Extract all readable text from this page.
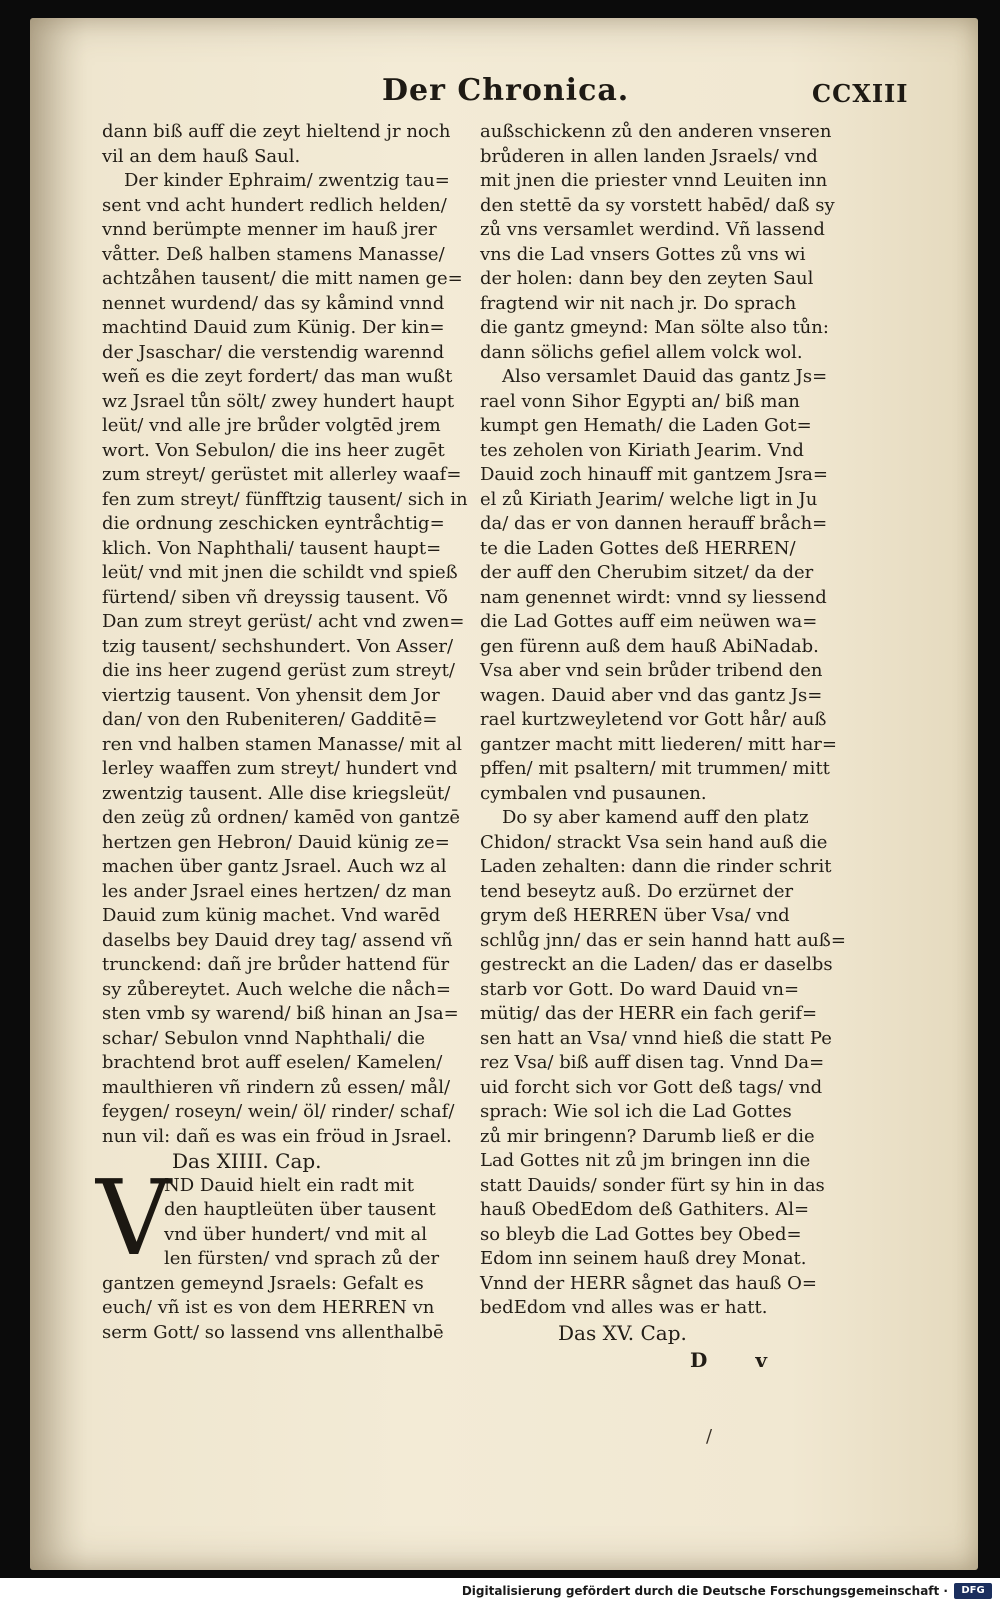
Der Chronica.	CCXIII
dann biß auff die zeyt hieltend jr noch
vil an dem hauß Saul.
Der kinder Ephraim/ zwentzig tau=
sent vnd acht hundert redlich helden/
vnnd berümpte menner im hauß jrer
våtter. Deß halben stamens Manasse/
achtzåhen tausent/ die mitt namen ge=
nennet wurdend/ das sy kåmind vnnd
machtind Dauid zum Künig. Der kin=
der Jsaschar/ die verstendig warennd
weñ es die zeyt fordert/ das man wußt
wz Jsrael tůn sölt/ zwey hundert haupt
leüt/ vnd alle jre brůder volgtēd jrem
wort. Von Sebulon/ die ins heer zugēt
zum streyt/ gerüstet mit allerley waaf=
fen zum streyt/ fünfftzig tausent/ sich in
die ordnung zeschicken eyntråchtig=
klich. Von Naphthali/ tausent haupt=
leüt/ vnd mit jnen die schildt vnd spieß
fürtend/ siben vñ dreyssig tausent. Võ
Dan zum streyt gerüst/ acht vnd zwen=
tzig tausent/ sechshundert. Von Asser/
die ins heer zugend gerüst zum streyt/
viertzig tausent. Von yhensit dem Jor
dan/ von den Rubeniteren/ Gadditē=
ren vnd halben stamen Manasse/ mit al
lerley waaffen zum streyt/ hundert vnd
zwentzig tausent. Alle dise kriegsleüt/
den zeüg zů ordnen/ kamēd von gantzē
hertzen gen Hebron/ Dauid künig ze=
machen über gantz Jsrael. Auch wz al
les ander Jsrael eines hertzen/ dz man
Dauid zum künig machet. Vnd warēd
daselbs bey Dauid drey tag/ assend vñ
trunckend: dañ jre brůder hattend für
sy zůbereytet. Auch welche die nåch=
sten vmb sy warend/ biß hinan an Jsa=
schar/ Sebulon vnnd Naphthali/ die
brachtend brot auff eselen/ Kamelen/
maulthieren vñ rindern zů essen/ mål/
feygen/ roseyn/ wein/ öl/ rinder/ schaf/
nun vil: dañ es was ein fröud in Jsrael.
Das XIIII. Cap.
V
ND Dauid hielt ein radt mit
den hauptleüten über tausent
vnd über hundert/ vnd mit al
len fürsten/ vnd sprach zů der
gantzen gemeynd Jsraels: Gefalt es
euch/ vñ ist es von dem HERREN vn
serm Gott/ so lassend vns allenthalbē
außschickenn zů den anderen vnseren
brůderen in allen landen Jsraels/ vnd
mit jnen die priester vnnd Leuiten inn
den stettē da sy vorstett habēd/ daß sy
zů vns versamlet werdind. Vñ lassend
vns die Lad vnsers Gottes zů vns wi
der holen: dann bey den zeyten Saul
fragtend wir nit nach jr. Do sprach
die gantz gmeynd: Man sölte also tůn:
dann sölichs gefiel allem volck wol.
Also versamlet Dauid das gantz Js=
rael vonn Sihor Egypti an/ biß man
kumpt gen Hemath/ die Laden Got=
tes zeholen von Kiriath Jearim. Vnd
Dauid zoch hinauff mit gantzem Jsra=
el zů Kiriath Jearim/ welche ligt in Ju
da/ das er von dannen herauff bråch=
te die Laden Gottes deß HERREN/
der auff den Cherubim sitzet/ da der
nam genennet wirdt: vnnd sy liessend
die Lad Gottes auff eim neüwen wa=
gen fürenn auß dem hauß AbiNadab.
Vsa aber vnd sein brůder tribend den
wagen. Dauid aber vnd das gantz Js=
rael kurtzweyletend vor Gott hår/ auß
gantzer macht mitt liederen/ mitt har=
pffen/ mit psaltern/ mit trummen/ mitt
cymbalen vnd pusaunen.
Do sy aber kamend auff den platz
Chidon/ strackt Vsa sein hand auß die
Laden zehalten: dann die rinder schrit
tend beseytz auß. Do erzürnet der
grym deß HERREN über Vsa/ vnd
schlůg jnn/ das er sein hannd hatt auß=
gestreckt an die Laden/ das er daselbs
starb vor Gott. Do ward Dauid vn=
mütig/ das der HERR ein fach gerif=
sen hatt an Vsa/ vnnd hieß die statt Pe
rez Vsa/ biß auff disen tag. Vnnd Da=
uid forcht sich vor Gott deß tags/ vnd
sprach: Wie sol ich die Lad Gottes
zů mir bringenn? Darumb ließ er die
Lad Gottes nit zů jm bringen inn die
statt Dauids/ sonder fürt sy hin in das
hauß ObedEdom deß Gathiters. Al=
so bleyb die Lad Gottes bey Obed=
Edom inn seinem hauß drey Monat.
Vnnd der HERR sågnet das hauß O=
bedEdom vnd alles was er hatt.
Das XV. Cap.
D v
/
Digitalisierung gefördert durch die Deutsche Forschungsgemeinschaft ·	DFG
